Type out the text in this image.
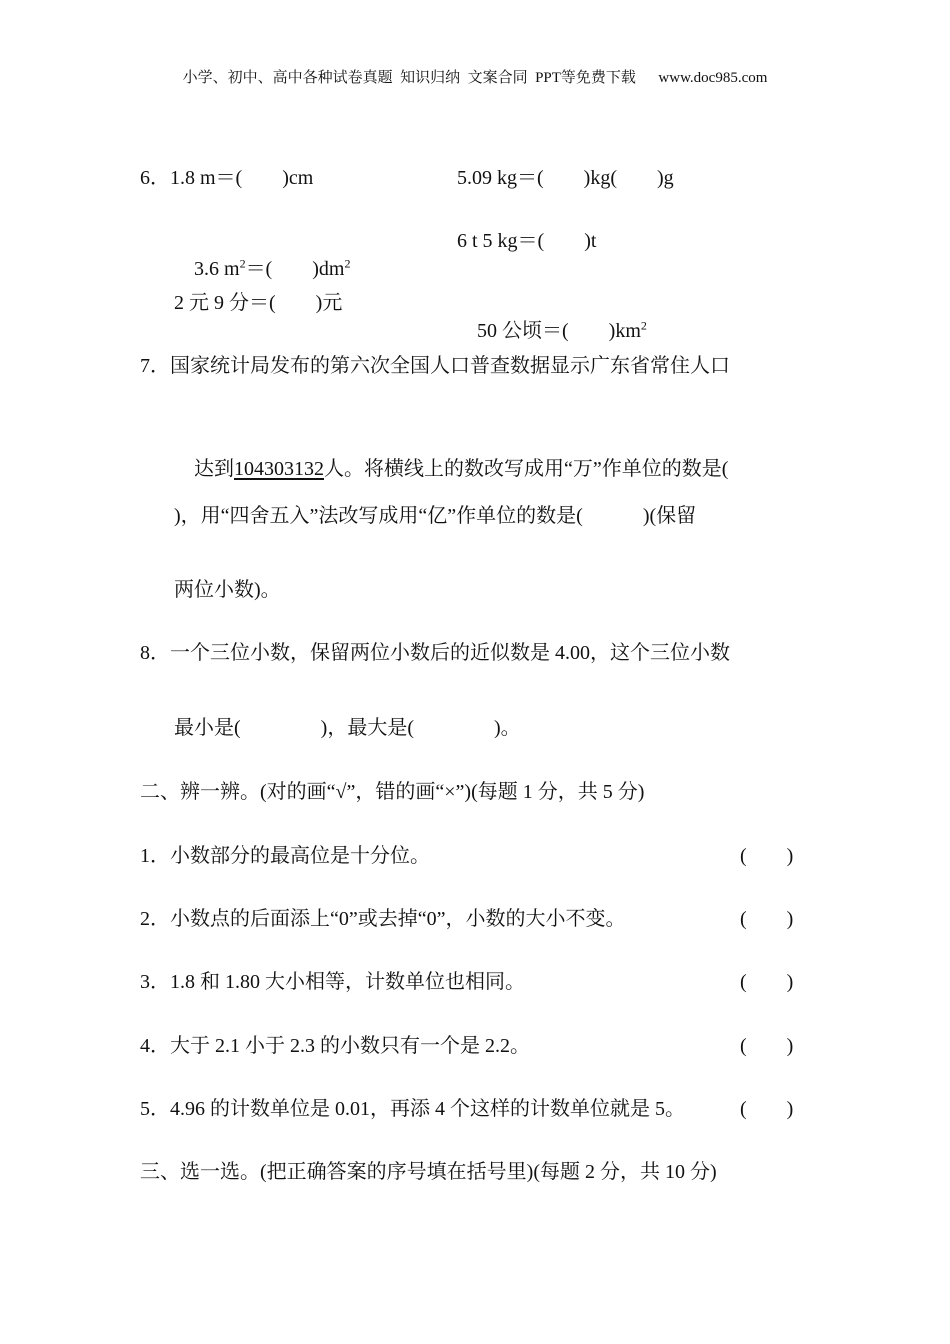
小学、初中、高中各种试卷真题  知识归纳  文案合同  PPT等免费下载      www.doc985.com
6．1.8 m＝(        )cm	5.09 kg＝(        )kg(        )g

3.6 $m^2=$(        )$dm^2$

6 t 5 kg＝(        )t
2 元 9 分＝(        )元

50 公顷＝(        )$km^2$

7．国家统计局发布的第六次全国人口普查数据显示广东省常住人口

达到104303132人。将横线上的数改写成用“万”作单位的数是(

)，用“四舍五入”法改写成用“亿”作单位的数是(            )(保留
两位小数)。
8．一个三位小数，保留两位小数后的近似数是 4.00，这个三位小数
最小是(                )，最大是(                )。
二、辨一辨。(对的画“√”，错的画“×”)(每题 1 分，共 5 分)
1．小数部分的最高位是十分位。	(        )
2．小数点的后面添上“0”或去掉“0”，小数的大小不变。	(        )
3．1.8 和 1.80 大小相等，计数单位也相同。	(        )
4．大于 2.1 小于 2.3 的小数只有一个是 2.2。	(        )
5．4.96 的计数单位是 0.01，再添 4 个这样的计数单位就是 5。	(        )
三、选一选。(把正确答案的序号填在括号里)(每题 2 分，共 10 分)
